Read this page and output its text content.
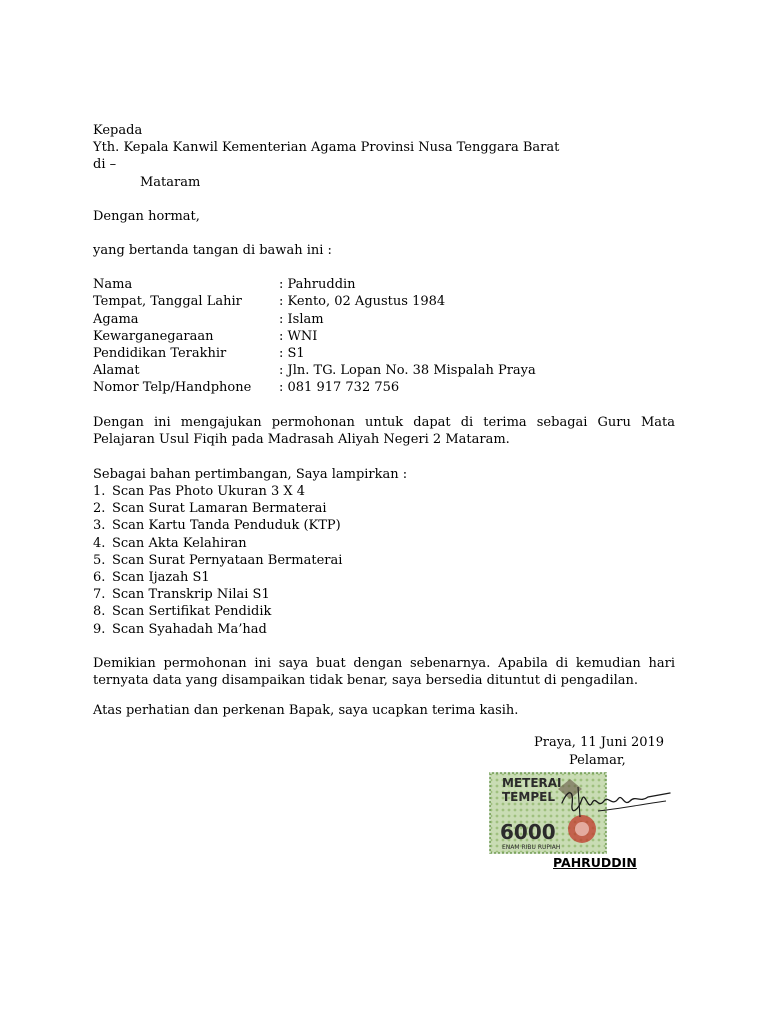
Kepada
Yth. Kepala Kanwil Kementerian Agama Provinsi Nusa Tenggara Barat
di –
Mataram
Dengan hormat,
yang bertanda tangan di bawah ini :
Nama	: Pahruddin
Tempat, Tanggal Lahir	: Kento, 02 Agustus 1984
Agama	: Islam
Kewarganegaraan	: WNI
Pendidikan Terakhir	: S1
Alamat	: Jln. TG. Lopan No. 38 Mispalah Praya
Nomor Telp/Handphone	: 081 917 732 756

Dengan ini mengajukan permohonan untuk dapat di terima sebagai Guru Mata Pelajaran Usul Fiqih pada Madrasah Aliyah Negeri 2 Mataram.

Sebagai bahan pertimbangan, Saya lampirkan :
1. Scan Pas Photo Ukuran 3 X 4
2. Scan Surat Lamaran Bermaterai
3. Scan Kartu Tanda Penduduk (KTP)
4. Scan Akta Kelahiran
5. Scan Surat Pernyataan Bermaterai
6. Scan Ijazah S1
7. Scan Transkrip Nilai S1
8. Scan Sertifikat Pendidik
9. Scan Syahadah Ma’had

Demikian permohonan ini saya buat dengan sebenarnya. Apabila di kemudian hari ternyata data yang disampaikan tidak benar, saya bersedia dituntut di pengadilan.

Atas perhatian dan perkenan Bapak, saya ucapkan terima kasih.
Praya, 11 Juni 2019
Pelamar,
METERAI
TEMPEL
6000
ENAM RIBU RUPIAH
PAHRUDDIN
